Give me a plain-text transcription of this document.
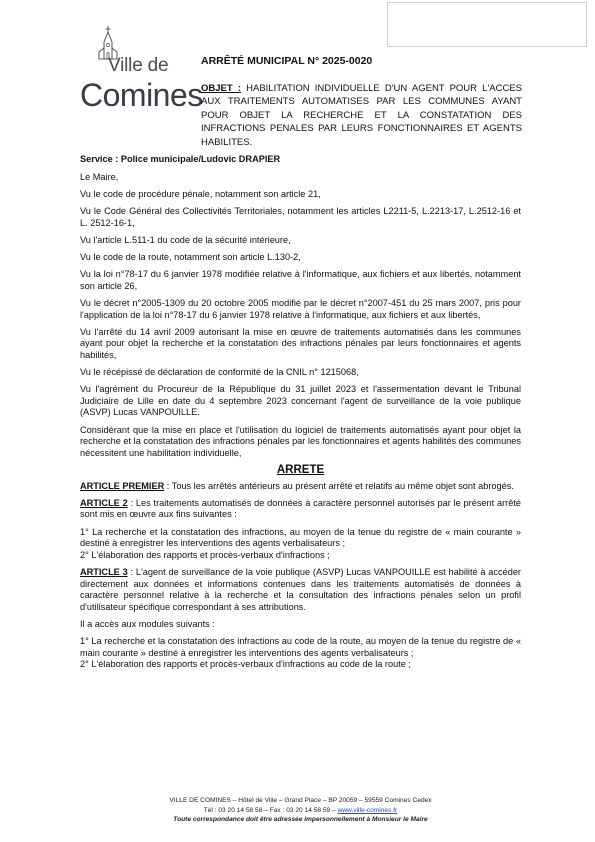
Ville de
Comines
ARRÊTÉ MUNICIPAL N° 2025-0020
OBJET : HABILITATION INDIVIDUELLE D'UN AGENT POUR L'ACCES AUX TRAITEMENTS AUTOMATISES PAR LES COMMUNES AYANT POUR OBJET LA RECHERCHE ET LA CONSTATATION DES INFRACTIONS PENALES PAR LEURS FONCTIONNAIRES ET AGENTS HABILITES.

Service : Police municipale/Ludovic DRAPIER

Le Maire,

Vu le code de procédure pénale, notamment son article 21,

Vu le Code Général des Collectivités Territoriales, notamment les articles L2211-5, L.2213-17, L.2512-16 et L. 2512-16-1,

Vu l'article L.511-1 du code de la sécurité intérieure,

Vu le code de la route, notamment son article L.130-2,

Vu la loi n°78-17 du 6 janvier 1978 modifiée relative à l'informatique, aux fichiers et aux libertés, notamment son article 26,

Vu le décret n°2005-1309 du 20 octobre 2005 modifié par le décret n°2007-451 du 25 mars 2007, pris pour l'application de la loi n°78-17 du 6 janvier 1978 relative à l'informatique, aux fichiers et aux libertés,

Vu l'arrêté du 14 avril 2009 autorisant la mise en œuvre de traitements automatisés dans les communes ayant pour objet la recherche et la constatation des infractions pénales par leurs fonctionnaires et agents habilités,

Vu le récépissé de déclaration de conformité de la CNIL n° 1215068,

Vu l'agrément du Procureur de la République du 31 juillet 2023 et l'assermentation devant le Tribunal Judiciaire de Lille en date du 4 septembre 2023 concernant l'agent de surveillance de la voie publique (ASVP) Lucas VANPOUILLE.

Considérant que la mise en place et l'utilisation du logiciel de traitements automatisés ayant pour objet la recherche et la constatation des infractions pénales par les fonctionnaires et agents habilités des communes nécessitent une habilitation individuelle,

ARRETE

ARTICLE PREMIER : Tous les arrêtés antérieurs au présent arrêté et relatifs au même objet sont abrogés.

ARTICLE 2 : Les traitements automatisés de données à caractère personnel autorisés par le présent arrêté sont mis en œuvre aux fins suivantes :

1° La recherche et la constatation des infractions, au moyen de la tenue du registre de « main courante » destiné à enregistrer les interventions des agents verbalisateurs ;

2° L'élaboration des rapports et procès-verbaux d'infractions ;

ARTICLE 3 : L'agent de surveillance de la voie publique (ASVP) Lucas VANPOUILLE est habilité à accéder directement aux données et informations contenues dans les traitements automatisés de données à caractère personnel relative à la recherche et la consultation des infractions pénales selon un profil d'utilisateur spécifique correspondant à ses attributions.

Il a accès aux modules suivants :

1° La recherche et la constatation des infractions au code de la route, au moyen de la tenue du registre de « main courante » destiné à enregistrer les interventions des agents verbalisateurs ;

2° L'élaboration des rapports et procès-verbaux d'infractions au code de la route ;

VILLE DE COMINES – Hôtel de Ville – Grand Place – BP 20059 – 59559 Comines Cedex
Tél : 03 20 14 58 58 – Fax : 03 20 14 58 59 – www.ville-comines.fr
Toute correspondance doit être adressée impersonnellement à Monsieur le Maire
